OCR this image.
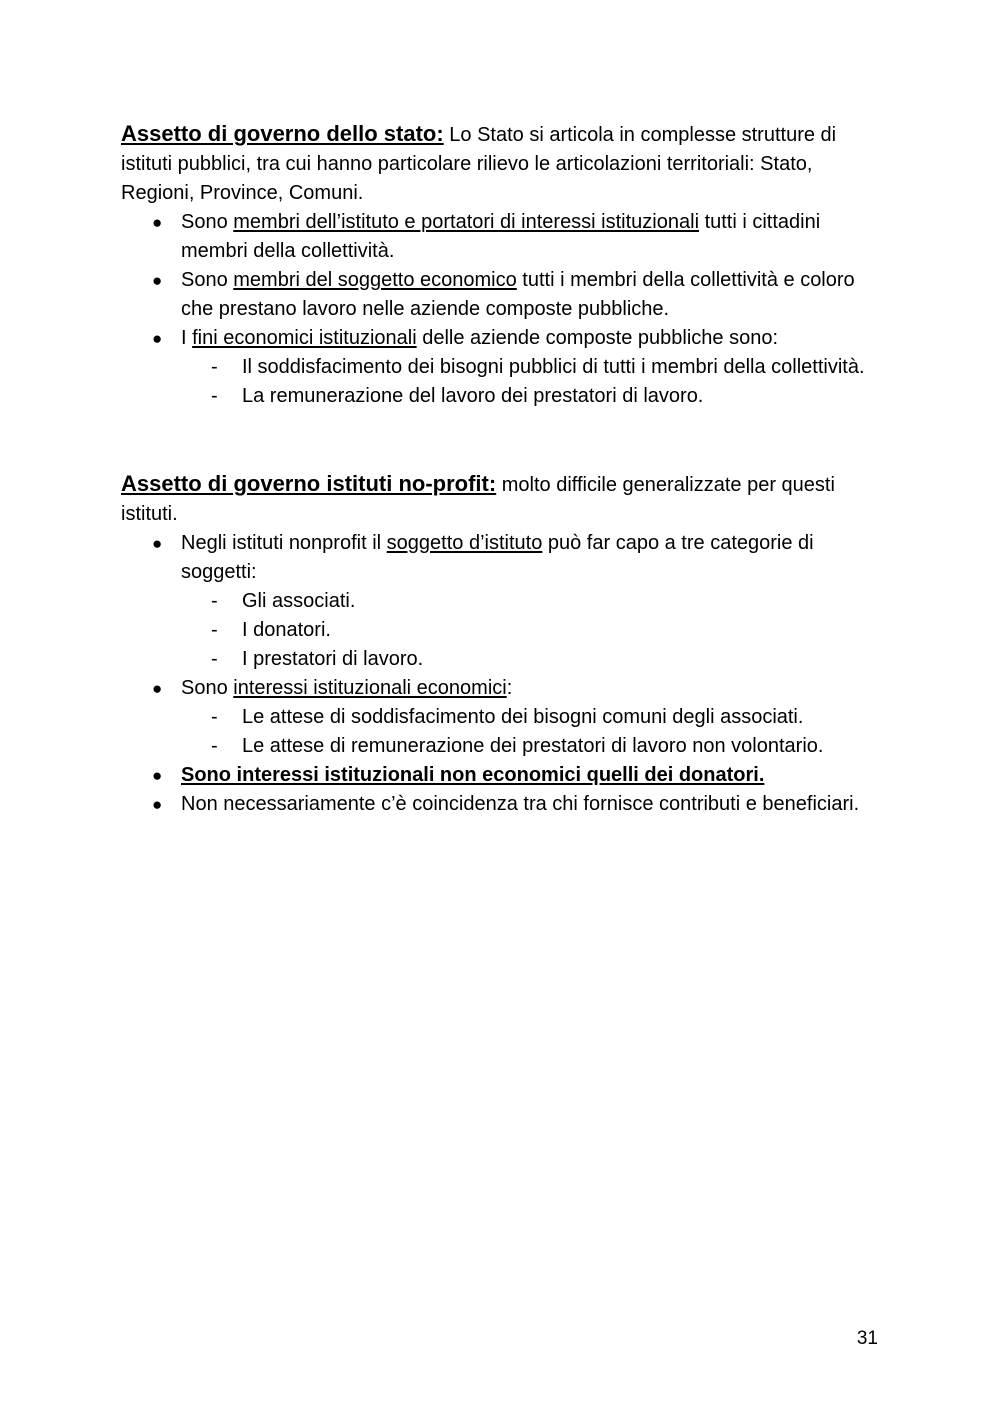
Assetto di governo dello stato: Lo Stato si articola in complesse strutture di istituti pubblici, tra cui hanno particolare rilievo le articolazioni territoriali: Stato, Regioni, Province, Comuni.

● Sono membri dell’istituto e portatori di interessi istituzionali tutti i cittadini membri della collettività.
● Sono membri del soggetto economico tutti i membri della collettività e coloro che prestano lavoro nelle aziende composte pubbliche.
● I fini economici istituzionali delle aziende composte pubbliche sono:
- Il soddisfacimento dei bisogni pubblici di tutti i membri della collettività.
- La remunerazione del lavoro dei prestatori di lavoro.

Assetto di governo istituti no-profit: molto difficile generalizzate per questi istituti.

● Negli istituti nonprofit il soggetto d’istituto può far capo a tre categorie di soggetti:
- Gli associati.
- I donatori.
- I prestatori di lavoro.
● Sono interessi istituzionali economici:
- Le attese di soddisfacimento dei bisogni comuni degli associati.
- Le attese di remunerazione dei prestatori di lavoro non volontario.
● Sono interessi istituzionali non economici quelli dei donatori.
● Non necessariamente c’è coincidenza tra chi fornisce contributi e beneficiari.
31
